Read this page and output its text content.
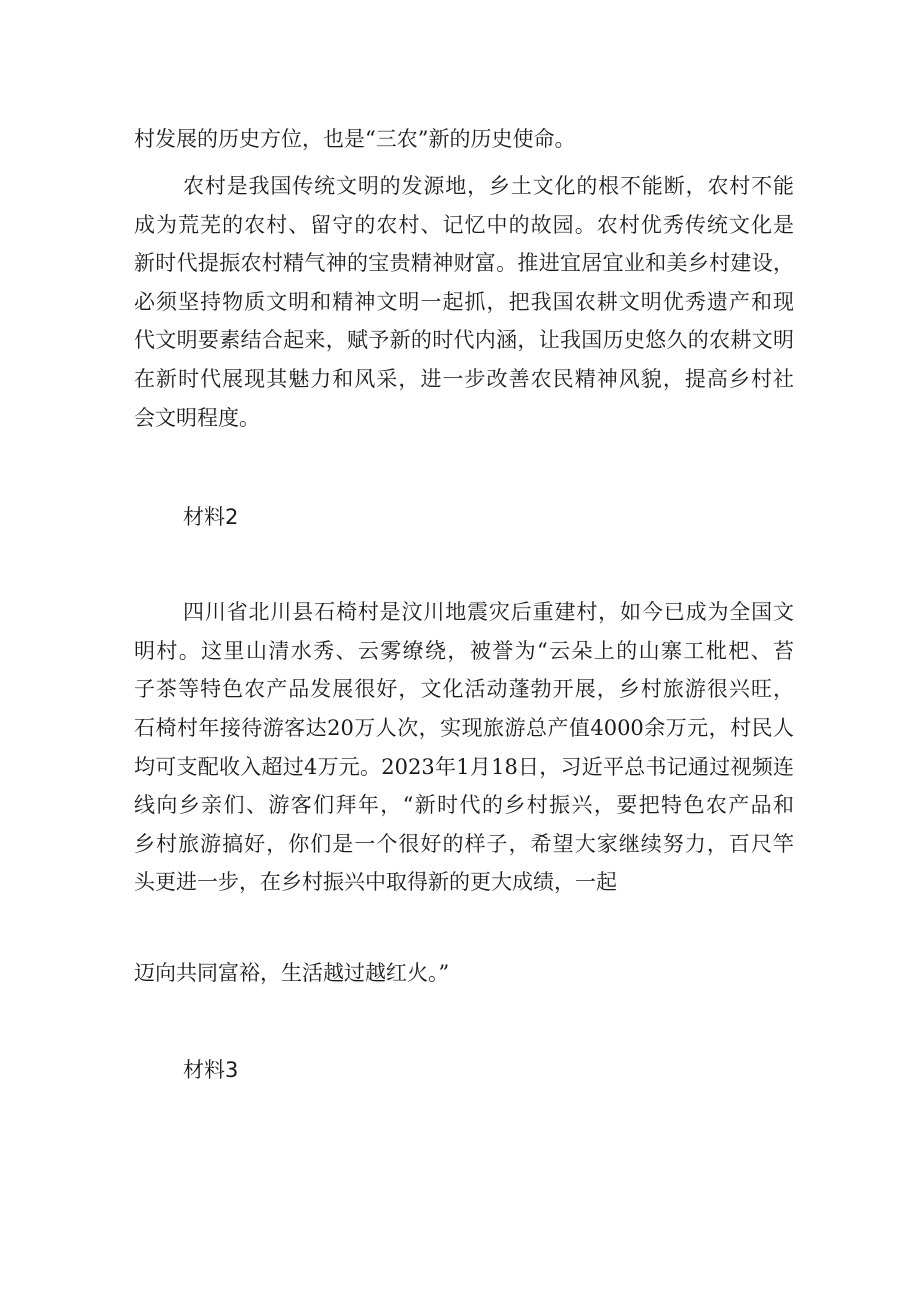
村发展的历史方位，也是“三农”新的历史使命。
农村是我国传统文明的发源地，乡土文化的根不能断，农村不能
成为荒芜的农村、留守的农村、记忆中的故园。农村优秀传统文化是
新时代提振农村精气神的宝贵精神财富。推进宜居宜业和美乡村建设，
必须坚持物质文明和精神文明一起抓，把我国农耕文明优秀遗产和现
代文明要素结合起来，赋予新的时代内涵，让我国历史悠久的农耕文明
在新时代展现其魅力和风采，进一步改善农民精神风貌，提高乡村社
会文明程度。
材料2
四川省北川县石椅村是汶川地震灾后重建村，如今已成为全国文
明村。这里山清水秀、云雾缭绕，被誉为“云朵上的山寨工枇杷、苔
子茶等特色农产品发展很好，文化活动蓬勃开展，乡村旅游很兴旺，
石椅村年接待游客达20万人次，实现旅游总产值4000余万元，村民人
均可支配收入超过4万元。2023年1月18日，习近平总书记通过视频连
线向乡亲们、游客们拜年，“新时代的乡村振兴，要把特色农产品和
乡村旅游搞好，你们是一个很好的样子，希望大家继续努力，百尺竿
头更进一步，在乡村振兴中取得新的更大成绩，一起
迈向共同富裕，生活越过越红火。”
材料3
